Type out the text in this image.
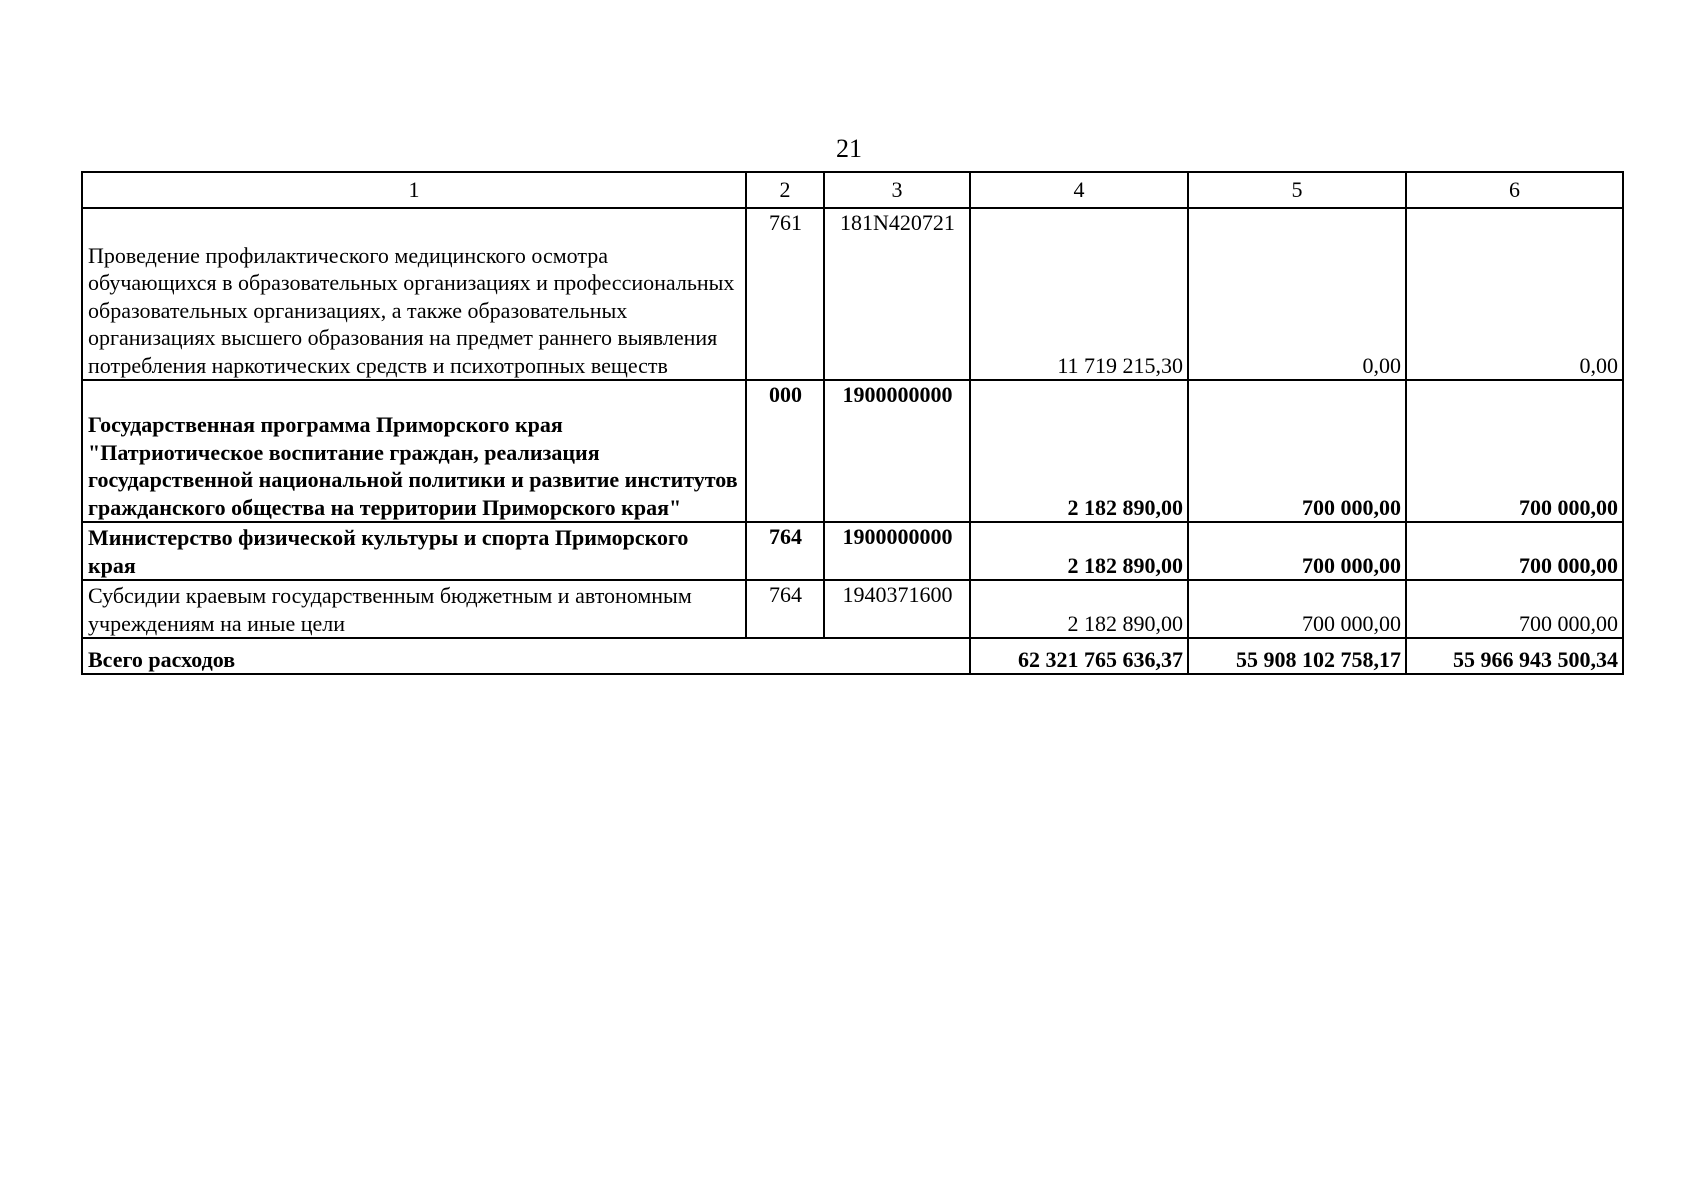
21
1	2	3	4	5	6
Проведение профилактического медицинского осмотра обучающихся в образовательных организациях и профессиональных образовательных организациях, а также образовательных организациях высшего образования на предмет раннего выявления потребления наркотических средств и психотропных веществ	761	181N420721	11 719 215,30	0,00	0,00
Государственная программа Приморского края "Патриотическое воспитание граждан, реализация государственной национальной политики и развитие институтов гражданского общества на территории Приморского края"	000	1900000000	2 182 890,00	700 000,00	700 000,00
Министерство физической культуры и спорта Приморского края	764	1900000000	2 182 890,00	700 000,00	700 000,00
Субсидии краевым государственным бюджетным и автономным учреждениям на иные цели	764	1940371600	2 182 890,00	700 000,00	700 000,00
Всего расходов			62 321 765 636,37	55 908 102 758,17	55 966 943 500,34
